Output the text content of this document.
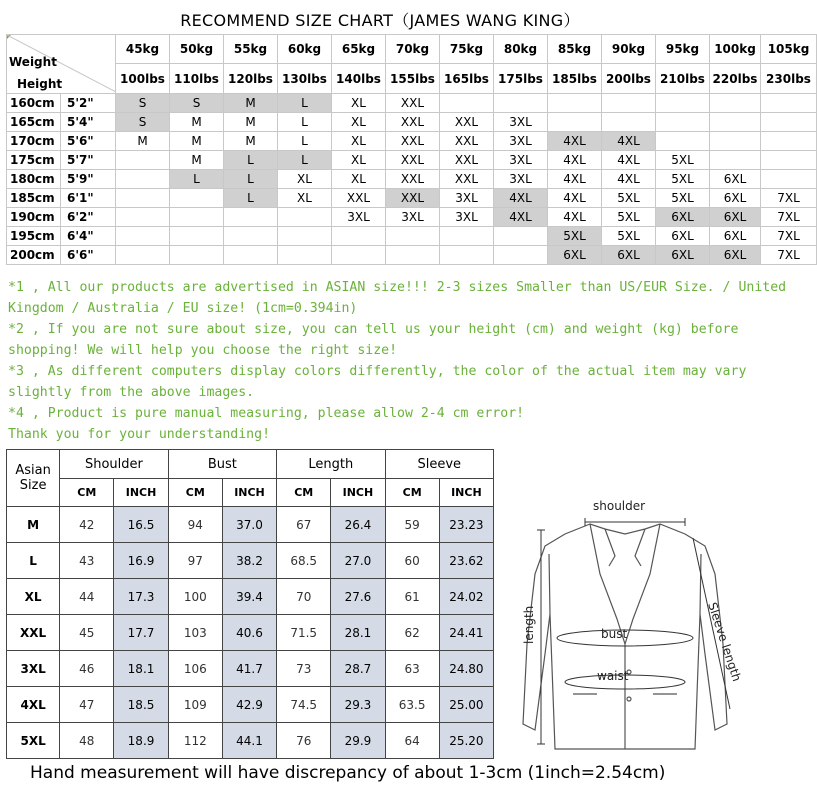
RECOMMEND SIZE CHART（JAMES WANG KING）
Weight
Height		45kg	50kg	55kg	60kg	65kg	70kg	75kg	80kg	85kg	90kg	95kg	100kg	105kg
		100lbs	110lbs	120lbs	130lbs	140lbs	155lbs	165lbs	175lbs	185lbs	200lbs	210lbs	220lbs	230lbs
160cm	5'2"	S	S	M	L	XL	XXL							
165cm	5'4"	S	M	M	L	XL	XXL	XXL	3XL					
170cm	5'6"	M	M	M	L	XL	XXL	XXL	3XL	4XL	4XL			
175cm	5'7"		M	L	L	XL	XXL	XXL	3XL	4XL	4XL	5XL		
180cm	5'9"		L	L	XL	XL	XXL	XXL	3XL	4XL	4XL	5XL	6XL	
185cm	6'1"			L	XL	XXL	XXL	3XL	4XL	4XL	5XL	5XL	6XL	7XL
190cm	6'2"					3XL	3XL	3XL	4XL	4XL	5XL	6XL	6XL	7XL
195cm	6'4"									5XL	5XL	6XL	6XL	7XL
200cm	6'6"									6XL	6XL	6XL	6XL	7XL

*1 , All our products are advertised in ASIAN size!!! 2-3 sizes Smaller than US/EUR Size. / United Kingdom / Australia / EU size! (1cm=0.394in)

*2 , If you are not sure about size, you can tell us your height (cm) and weight (kg) before shopping! We will help you choose the right size!

*3 , As different computers display colors differently, the color of the actual item may vary slightly from the above images.

*4 , Product is pure manual measuring, please allow 2-4 cm error!

Thank you for your understanding!

Asian
Size	Shoulder		Bust		Length		Sleeve	
	CM	INCH	CM	INCH	CM	INCH	CM	INCH
M	42	16.5	94	37.0	67	26.4	59	23.23
L	43	16.9	97	38.2	68.5	27.0	60	23.62
XL	44	17.3	100	39.4	70	27.6	61	24.02
XXL	45	17.7	103	40.6	71.5	28.1	62	24.41
3XL	46	18.1	106	41.7	73	28.7	63	24.80
4XL	47	18.5	109	42.9	74.5	29.3	63.5	25.00
5XL	48	18.9	112	44.1	76	29.9	64	25.20
shoulder
length	bust
waist	Sleeve length
Hand measurement will have discrepancy of about 1-3cm (1inch=2.54cm)
